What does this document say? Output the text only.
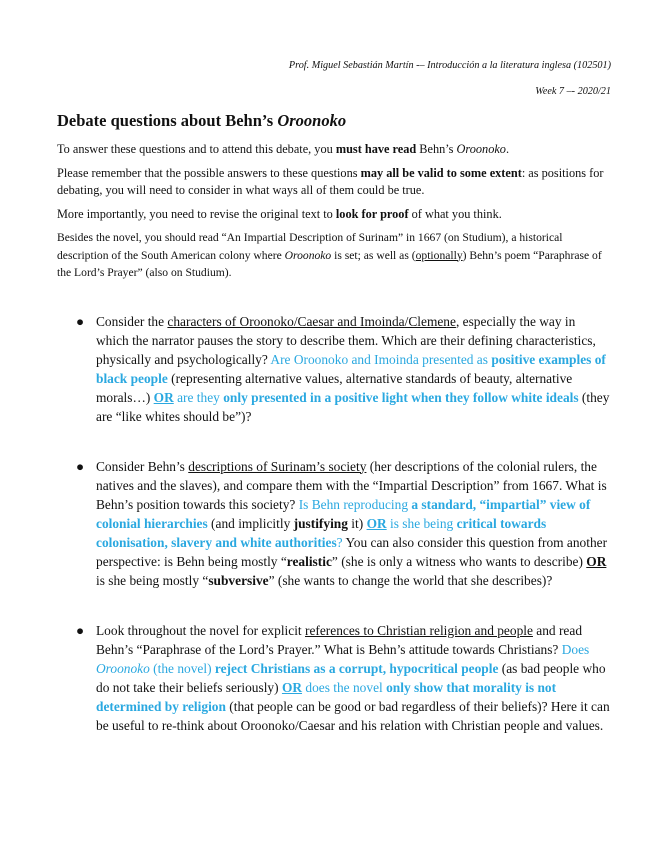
Prof. Miguel Sebastián Martín -– Introducción a la literatura inglesa (102501)
Week 7 –- 2020/21
Debate questions about Behn’s Oroonoko

To answer these questions and to attend this debate, you must have read Behn’s Oroonoko.

Please remember that the possible answers to these questions may all be valid to some extent: as positions for debating, you will need to consider in what ways all of them could be true.

More importantly, you need to revise the original text to look for proof of what you think.

Besides the novel, you should read “An Impartial Description of Surinam” in 1667 (on Studium), a historical description of the South American colony where Oroonoko is set; as well as (optionally) Behn’s poem “Paraphrase of the Lord’s Prayer” (also on Studium).

● Consider the characters of Oroonoko/Caesar and Imoinda/Clemene, especially the way in which the narrator pauses the story to describe them. Which are their defining characteristics, physically and psychologically? Are Oroonoko and Imoinda presented as positive examples of black people (representing alternative values, alternative standards of beauty, alternative morals…) OR are they only presented in a positive light when they follow white ideals (they are “like whites should be”)?
● Consider Behn’s descriptions of Surinam’s society (her descriptions of the colonial rulers, the natives and the slaves), and compare them with the “Impartial Description” from 1667. What is Behn’s position towards this society? Is Behn reproducing a standard, “impartial” view of colonial hierarchies (and implicitly justifying it) OR is she being critical towards colonisation, slavery and white authorities? You can also consider this question from another perspective: is Behn being mostly “realistic” (she is only a witness who wants to describe) OR is she being mostly “subversive” (she wants to change the world that she describes)?
● Look throughout the novel for explicit references to Christian religion and people and read Behn’s “Paraphrase of the Lord’s Prayer.” What is Behn’s attitude towards Christians? Does Oroonoko (the novel) reject Christians as a corrupt, hypocritical people (as bad people who do not take their beliefs seriously) OR does the novel only show that morality is not determined by religion (that people can be good or bad regardless of their beliefs)? Here it can be useful to re-think about Oroonoko/Caesar and his relation with Christian people and values.
